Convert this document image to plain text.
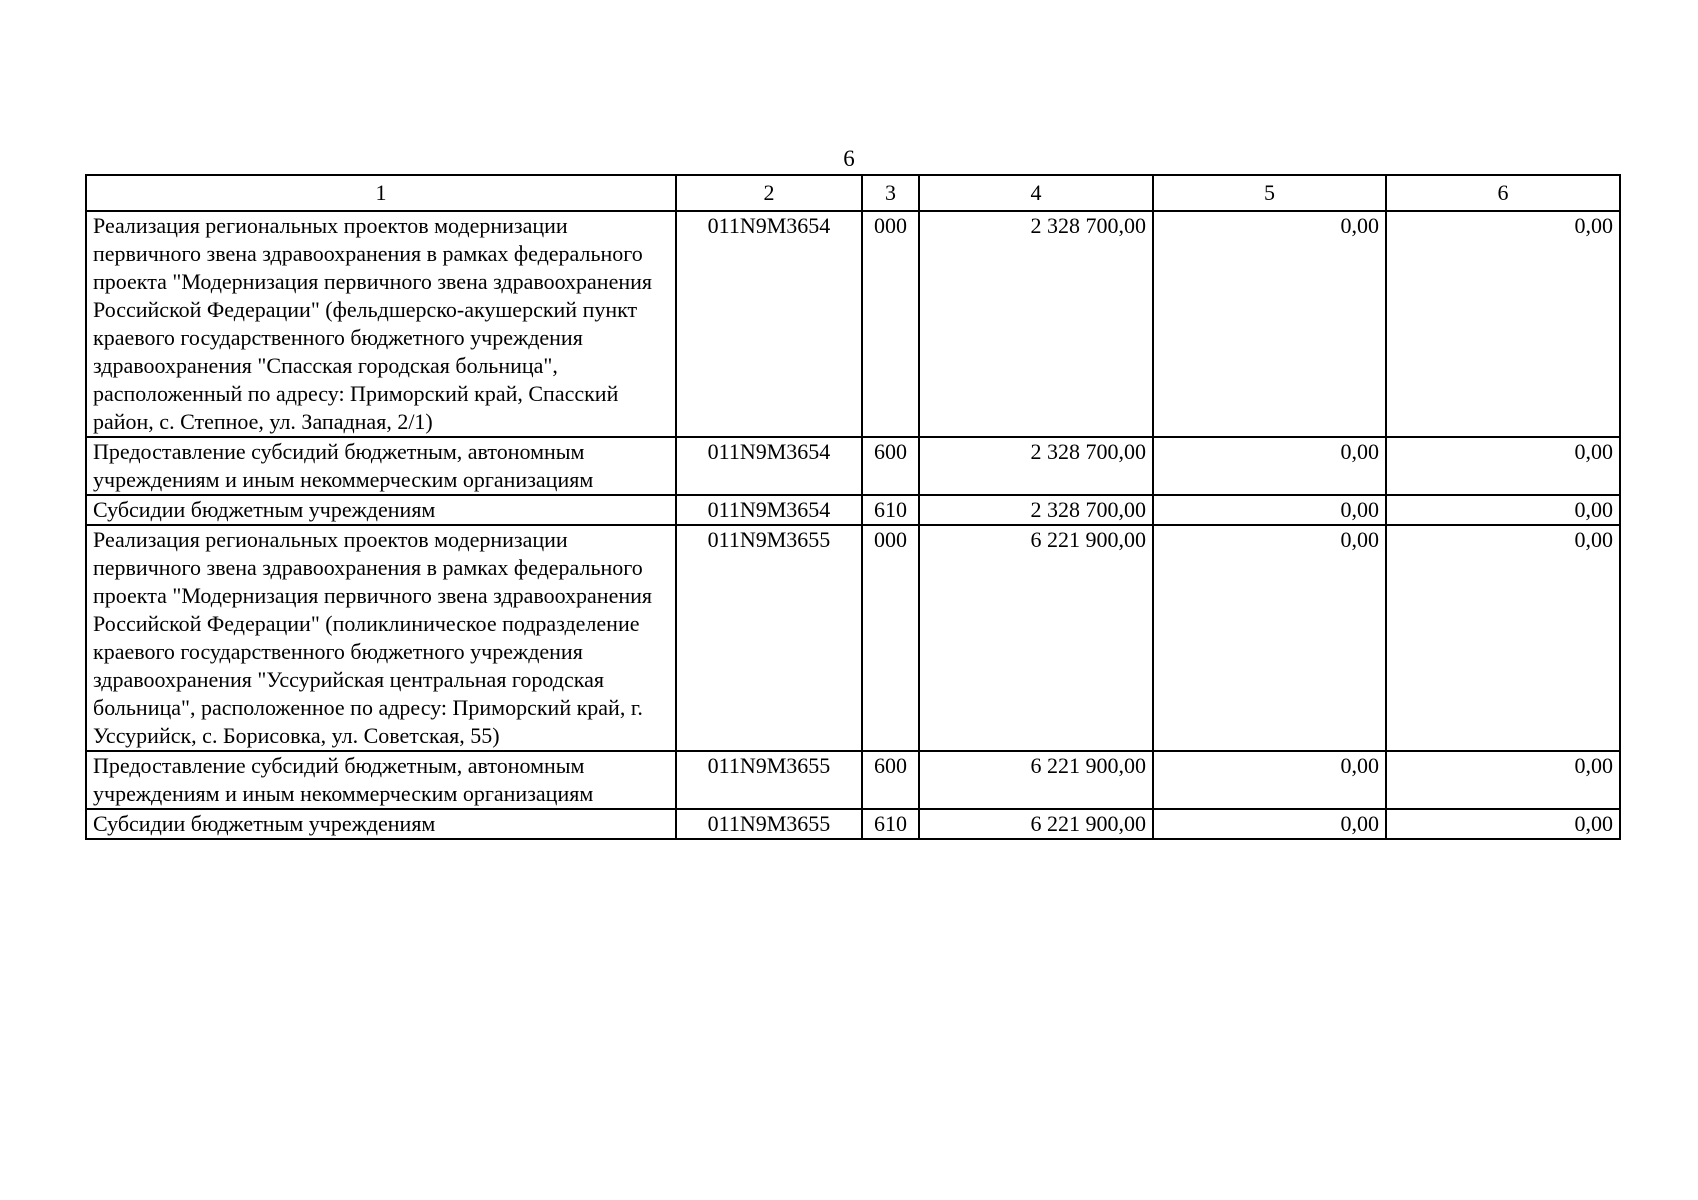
6
1	2	3	4	5	6
Реализация региональных проектов модернизации первичного звена здравоохранения в рамках федерального проекта "Модернизация первичного звена здравоохранения Российской Федерации" (фельдшерско-акушерский пункт краевого государственного бюджетного учреждения здравоохранения "Спасская городская больница", расположенный по адресу: Приморский край, Спасский район, с. Степное, ул. Западная, 2/1)	011N9M3654	000	2 328 700,00	0,00	0,00
Предоставление субсидий бюджетным, автономным учреждениям и иным некоммерческим организациям	011N9M3654	600	2 328 700,00	0,00	0,00
Субсидии бюджетным учреждениям	011N9M3654	610	2 328 700,00	0,00	0,00
Реализация региональных проектов модернизации первичного звена здравоохранения в рамках федерального проекта "Модернизация первичного звена здравоохранения Российской Федерации" (поликлиническое подразделение краевого государственного бюджетного учреждения здравоохранения "Уссурийская центральная городская больница", расположенное по адресу: Приморский край, г. Уссурийск, с. Борисовка, ул. Советская, 55)	011N9M3655	000	6 221 900,00	0,00	0,00
Предоставление субсидий бюджетным, автономным учреждениям и иным некоммерческим организациям	011N9M3655	600	6 221 900,00	0,00	0,00
Субсидии бюджетным учреждениям	011N9M3655	610	6 221 900,00	0,00	0,00
